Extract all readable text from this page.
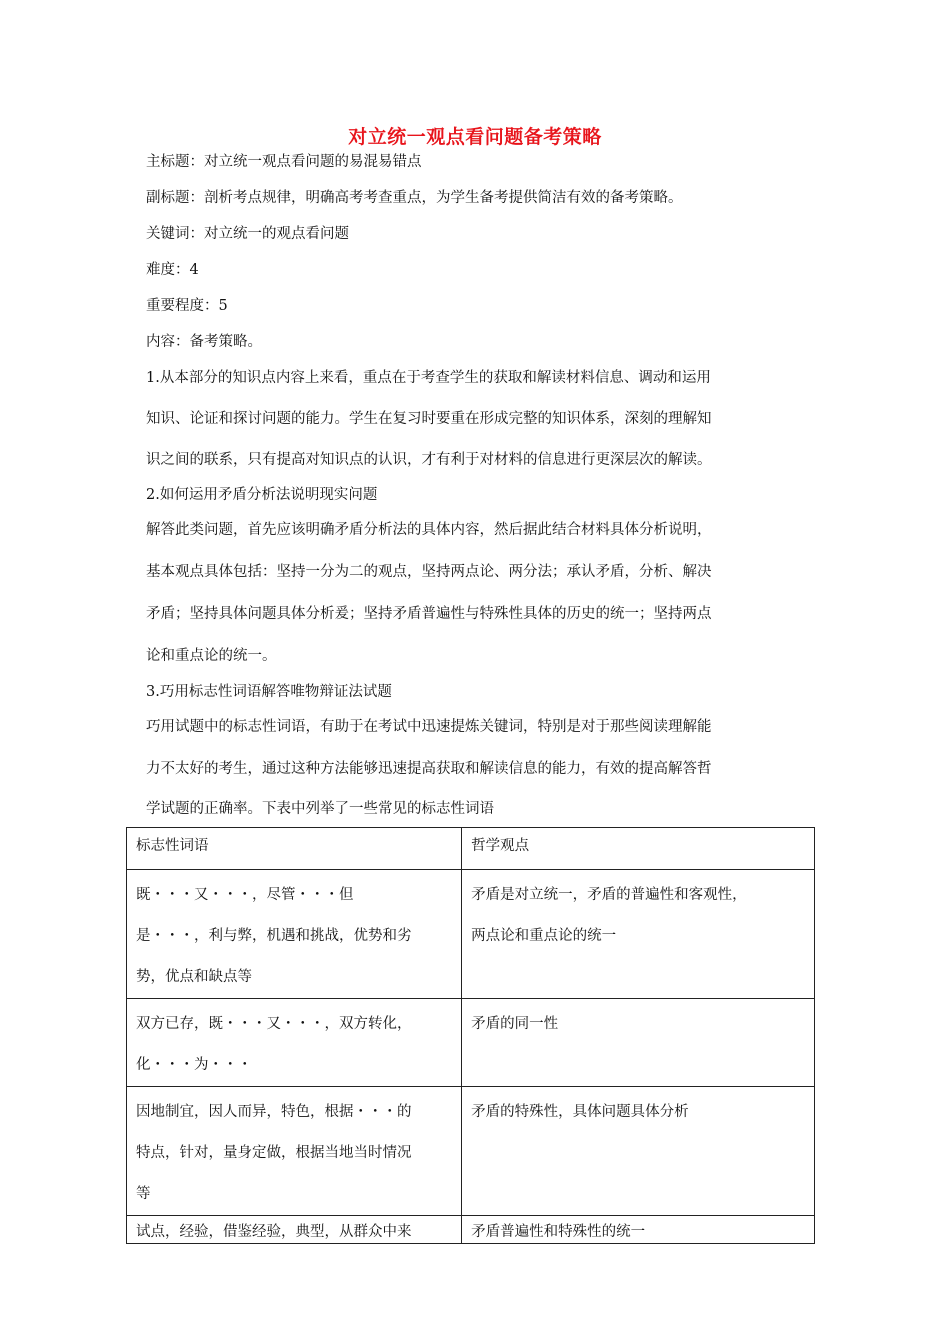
对立统一观点看问题备考策略
主标题：对立统一观点看问题的易混易错点
副标题：剖析考点规律，明确高考考查重点，为学生备考提供简洁有效的备考策略。
关键词：对立统一的观点看问题
难度：4
重要程度：5
内容：备考策略。
1.从本部分的知识点内容上来看，重点在于考查学生的获取和解读材料信息、调动和运用
知识、论证和探讨问题的能力。学生在复习时要重在形成完整的知识体系，深刻的理解知
识之间的联系，只有提高对知识点的认识，才有利于对材料的信息进行更深层次的解读。
2.如何运用矛盾分析法说明现实问题
解答此类问题，首先应该明确矛盾分析法的具体内容，然后据此结合材料具体分析说明，
基本观点具体包括：坚持一分为二的观点，坚持两点论、两分法；承认矛盾，分析、解决
矛盾；坚持具体问题具体分析爰；坚持矛盾普遍性与特殊性具体的历史的统一；坚持两点
论和重点论的统一。
3.巧用标志性词语解答唯物辩证法试题
巧用试题中的标志性词语，有助于在考试中迅速提炼关键词，特别是对于那些阅读理解能
力不太好的考生，通过这种方法能够迅速提高获取和解读信息的能力，有效的提高解答哲
学试题的正确率。下表中列举了一些常见的标志性词语
标志性词语	哲学观点

既・・・又・・・，尽管・・・但
是・・・，利与弊，机遇和挑战，优势和劣
势，优点和缺点等	矛盾是对立统一，矛盾的普遍性和客观性，
两点论和重点论的统一

双方已存，既・・・又・・・，双方转化，
化・・・为・・・	矛盾的同一性

因地制宜，因人而异，特色，根据・・・的
特点，针对，量身定做，根据当地当时情况
等	矛盾的特殊性，具体问题具体分析

试点，经验，借鉴经验，典型，从群众中来	矛盾普遍性和特殊性的统一
